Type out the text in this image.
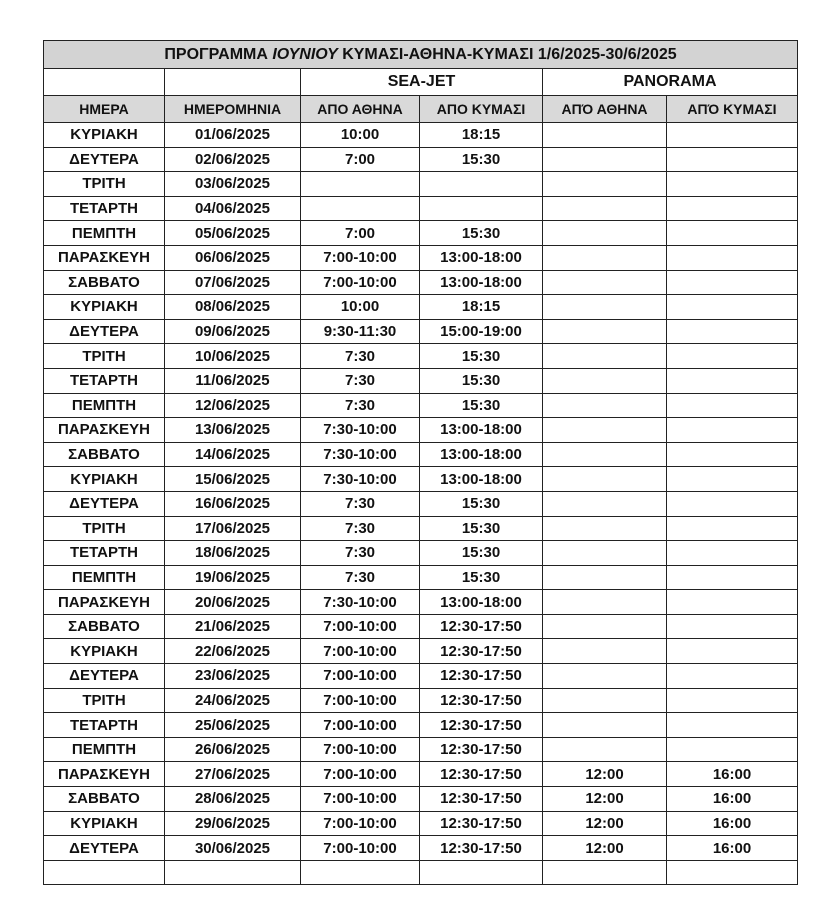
ΠΡΟΓΡΑΜΜΑ ΙΟΥΝΙΟΥ ΚΥΜΑΣΙ-ΑΘΗΝΑ-ΚΥΜΑΣΙ 1/6/2025-30/6/2025					
		SEA-JET		PANORAMA	
ΗΜΕΡΑ	ΗΜΕΡΟΜΗΝΙΑ	ΑΠΟ ΑΘΗΝΑ	ΑΠΟ ΚΥΜΑΣΙ	ΑΠΌ ΑΘΗΝΑ	ΑΠΌ ΚΥΜΑΣΙ
ΚΥΡΙΑΚΗ	01/06/2025	10:00	18:15		
ΔΕΥΤΕΡΑ	02/06/2025	7:00	15:30		
ΤΡΙΤΗ	03/06/2025				
ΤΕΤΑΡΤΗ	04/06/2025				
ΠΕΜΠΤΗ	05/06/2025	7:00	15:30		
ΠΑΡΑΣΚΕΥΗ	06/06/2025	7:00-10:00	13:00-18:00		
ΣΑΒΒΑΤΟ	07/06/2025	7:00-10:00	13:00-18:00		
ΚΥΡΙΑΚΗ	08/06/2025	10:00	18:15		
ΔΕΥΤΕΡΑ	09/06/2025	9:30-11:30	15:00-19:00		
ΤΡΙΤΗ	10/06/2025	7:30	15:30		
ΤΕΤΑΡΤΗ	11/06/2025	7:30	15:30		
ΠΕΜΠΤΗ	12/06/2025	7:30	15:30		
ΠΑΡΑΣΚΕΥΗ	13/06/2025	7:30-10:00	13:00-18:00		
ΣΑΒΒΑΤΟ	14/06/2025	7:30-10:00	13:00-18:00		
ΚΥΡΙΑΚΗ	15/06/2025	7:30-10:00	13:00-18:00		
ΔΕΥΤΕΡΑ	16/06/2025	7:30	15:30		
ΤΡΙΤΗ	17/06/2025	7:30	15:30		
ΤΕΤΑΡΤΗ	18/06/2025	7:30	15:30		
ΠΕΜΠΤΗ	19/06/2025	7:30	15:30		
ΠΑΡΑΣΚΕΥΗ	20/06/2025	7:30-10:00	13:00-18:00		
ΣΑΒΒΑΤΟ	21/06/2025	7:00-10:00	12:30-17:50		
ΚΥΡΙΑΚΗ	22/06/2025	7:00-10:00	12:30-17:50		
ΔΕΥΤΕΡΑ	23/06/2025	7:00-10:00	12:30-17:50		
ΤΡΙΤΗ	24/06/2025	7:00-10:00	12:30-17:50		
ΤΕΤΑΡΤΗ	25/06/2025	7:00-10:00	12:30-17:50		
ΠΕΜΠΤΗ	26/06/2025	7:00-10:00	12:30-17:50		
ΠΑΡΑΣΚΕΥΗ	27/06/2025	7:00-10:00	12:30-17:50	12:00	16:00
ΣΑΒΒΑΤΟ	28/06/2025	7:00-10:00	12:30-17:50	12:00	16:00
ΚΥΡΙΑΚΗ	29/06/2025	7:00-10:00	12:30-17:50	12:00	16:00
ΔΕΥΤΕΡΑ	30/06/2025	7:00-10:00	12:30-17:50	12:00	16:00
